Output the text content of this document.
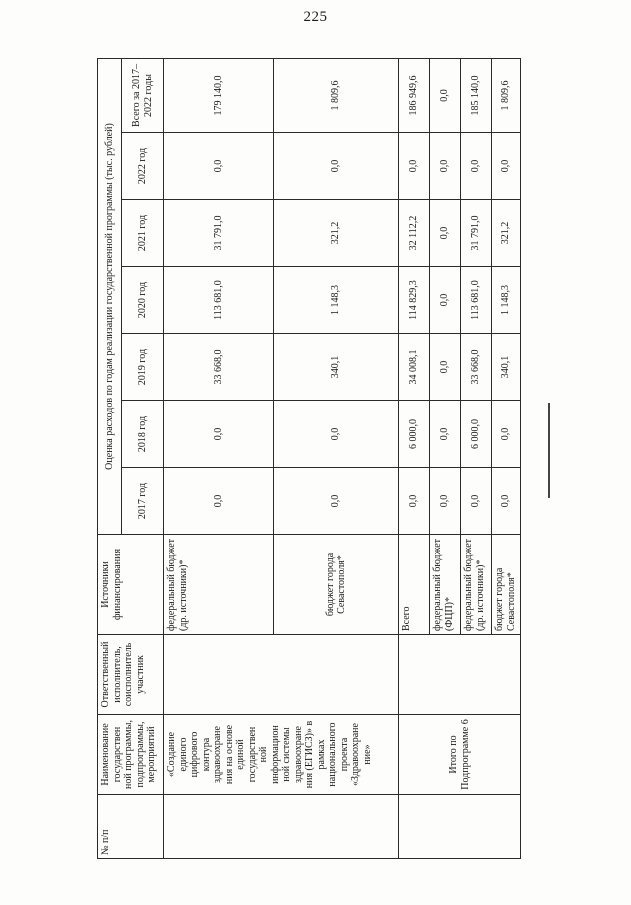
225
№ п/п	Наименование государствен ной программы, подпрограммы, мероприятий	Ответственный исполнитель, соисполнитель участник	Источники финансирования	Оценка расходов по годам реализации государственной программы (тыс. рублей)						
				2017 год	2018 год	2019 год	2020 год	2021 год	2022 год	Всего за 2017–2022 годы
	«Создание единого цифрового контура здравоохране ния на основе единой государствен ной информацион ной системы здравоохране ния (ЕГИСЗ)» в рамках национального проекта «Здравоохране ние»		федеральный бюджет (др. источники)*	0,0	0,0	33 668,0	113 681,0	31 791,0	0,0	179 140,0
			бюджет города Севастополя*	0,0	0,0	340,1	1 148,3	321,2	0,0	1 809,6
	Итого по Подпрограмме 6		Всего	0,0	6 000,0	34 008,1	114 829,3	32 112,2	0,0	186 949,6
			федеральный бюджет (ФЦП)*	0,0	0,0	0,0	0,0	0,0	0,0	0,0
			федеральный бюджет (др. источники)*	0,0	6 000,0	33 668,0	113 681,0	31 791,0	0,0	185 140,0
			бюджет города Севастополя*	0,0	0,0	340,1	1 148,3	321,2	0,0	1 809,6
